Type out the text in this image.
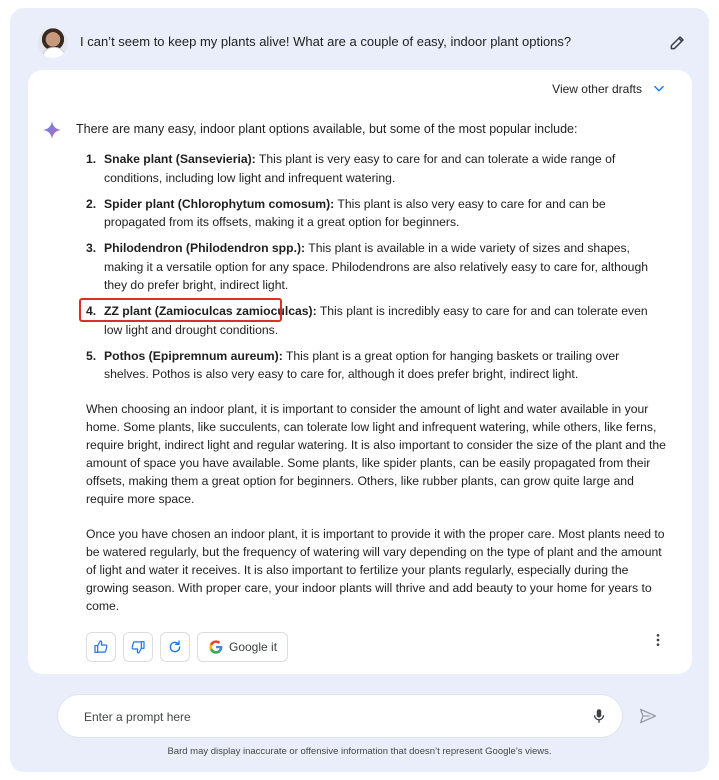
I can’t seem to keep my plants alive! What are a couple of easy, indoor plant options?
View other drafts
There are many easy, indoor plant options available, but some of the most popular include:
1. Snake plant (Sansevieria): This plant is very easy to care for and can tolerate a wide range of conditions, including low light and infrequent watering.
2. Spider plant (Chlorophytum comosum): This plant is also very easy to care for and can be propagated from its offsets, making it a great option for beginners.
3. Philodendron (Philodendron spp.): This plant is available in a wide variety of sizes and shapes, making it a versatile option for any space. Philodendrons are also relatively easy to care for, although they do prefer bright, indirect light.
4. ZZ plant (Zamioculcas zamioculcas): This plant is incredibly easy to care for and can tolerate even low light and drought conditions.
5. Pothos (Epipremnum aureum): This plant is a great option for hanging baskets or trailing over shelves. Pothos is also very easy to care for, although it does prefer bright, indirect light.

When choosing an indoor plant, it is important to consider the amount of light and water available in your home. Some plants, like succulents, can tolerate low light and infrequent watering, while others, like ferns, require bright, indirect light and regular watering. It is also important to consider the size of the plant and the amount of space you have available. Some plants, like spider plants, can be easily propagated from their offsets, making them a great option for beginners. Others, like rubber plants, can grow quite large and require more space.

Once you have chosen an indoor plant, it is important to provide it with the proper care. Most plants need to be watered regularly, but the frequency of watering will vary depending on the type of plant and the amount of light and water it receives. It is also important to fertilize your plants regularly, especially during the growing season. With proper care, your indoor plants will thrive and add beauty to your home for years to come.

Google it
Enter a prompt here
Bard may display inaccurate or offensive information that doesn’t represent Google’s views.
